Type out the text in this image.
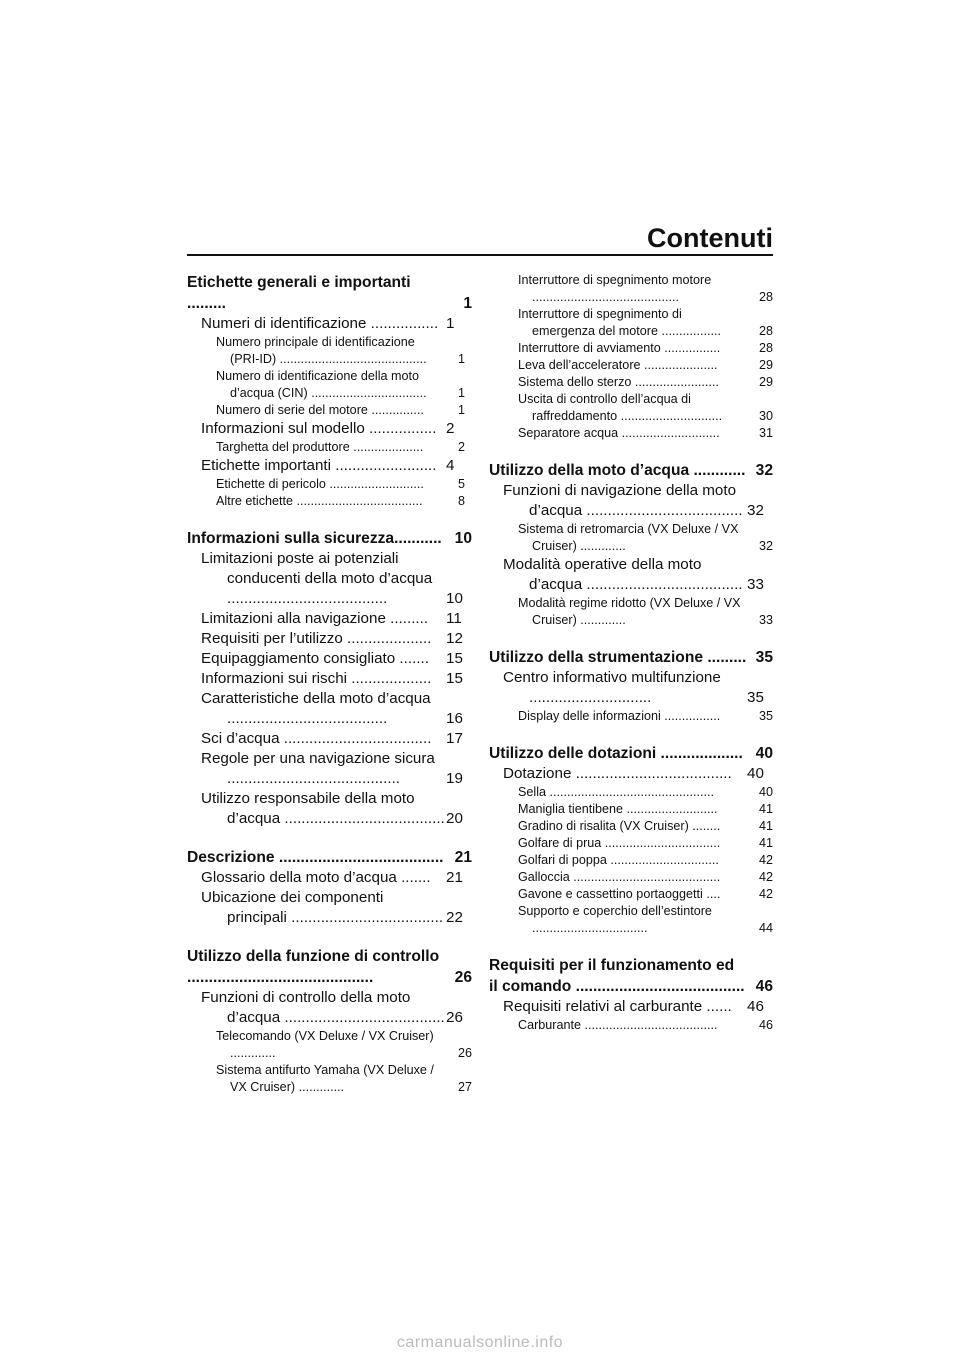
Contenuti
Etichette generali e importanti .........	1
Numeri di identificazione ................ 1
Numero principale di identificazione (PRI-ID) .......................................... 1
Numero di identificazione della moto d’acqua (CIN) ................................. 1
Numero di serie del motore ...............	1
Informazioni sul modello ................ 2
Targhetta del produttore ....................	2
Etichette importanti ........................ 4
Etichette di pericolo ...........................	5
Altre etichette ....................................	8
Informazioni sulla sicurezza........... 10
Limitazioni poste ai potenziali conducenti della moto d’acqua ......................................	10
Limitazioni alla navigazione ......... 11
Requisiti per l’utilizzo .................... 12
Equipaggiamento consigliato ....... 15
Informazioni sui rischi ................... 15
Caratteristiche della moto d’acqua ......................................	16
Sci d’acqua ................................... 17
Regole per una navigazione sicura .........................................	19
Utilizzo responsabile della moto d’acqua ...................................... 20
Descrizione ...................................... 21
Glossario della moto d’acqua ....... 21
Ubicazione dei componenti principali .................................... 22
Utilizzo della funzione di controllo ...........................................	26
Funzioni di controllo della moto d’acqua ...................................... 26
Telecomando (VX Deluxe / VX Cruiser) .............	26
Sistema antifurto Yamaha (VX Deluxe / VX Cruiser) .............	27
Interruttore di spegnimento motore ..........................................	28
Interruttore di spegnimento di emergenza del motore .................	28
Interruttore di avviamento ................	28
Leva dell’acceleratore .....................	29
Sistema dello sterzo ........................	29
Uscita di controllo dell’acqua di raffreddamento .............................	30
Separatore acqua ............................	31
Utilizzo della moto d’acqua ............ 32
Funzioni di navigazione della moto d’acqua ..................................... 32
Sistema di retromarcia (VX Deluxe / VX Cruiser) .............	32
Modalità operative della moto d’acqua ..................................... 33
Modalità regime ridotto (VX Deluxe / VX Cruiser) .............	33
Utilizzo della strumentazione ......... 35
Centro informativo multifunzione .............................	35
Display delle informazioni ................	35
Utilizzo delle dotazioni ................... 40
Dotazione ..................................... 40
Sella ...............................................	40
Maniglia tientibene ..........................	41
Gradino di risalita (VX Cruiser) ........	41
Golfare di prua .................................	41
Golfari di poppa ...............................	42
Galloccia ..........................................	42
Gavone e cassettino portaoggetti ....	42
Supporto e coperchio dell’estintore .................................	44
Requisiti per il funzionamento ed il comando ....................................... 46
Requisiti relativi al carburante ...... 46
Carburante ......................................	46
carmanualsonline.info
